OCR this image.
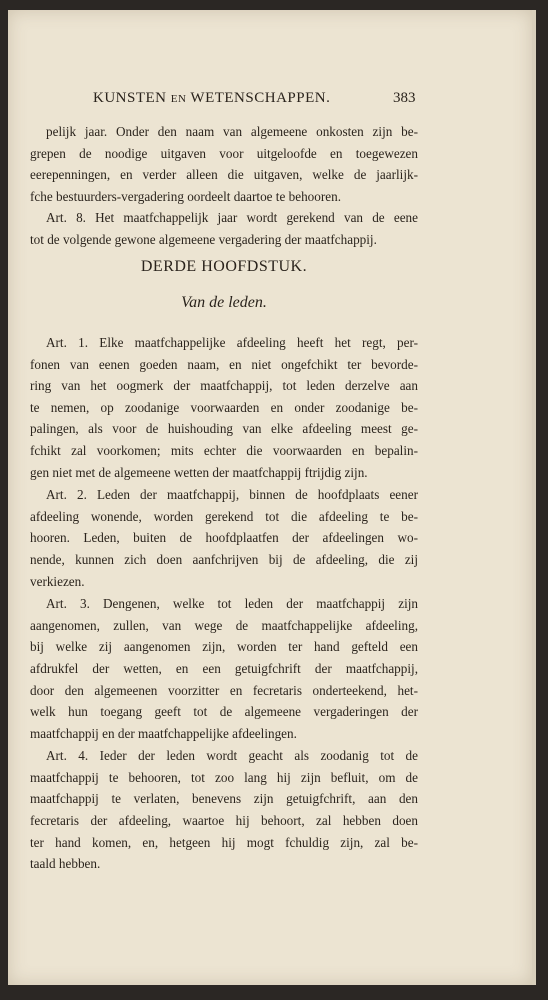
KUNSTEN EN WETENSCHAPPEN.	383
pelijk jaar. Onder den naam van algemeene onkosten zijn be-
grepen de noodige uitgaven voor uitgeloofde en toegewezen
eerepenningen, en verder alleen die uitgaven, welke de jaarlijk-
fche bestuurders-vergadering oordeelt daartoe te behooren.
Art. 8. Het maatfchappelijk jaar wordt gerekend van de eene
tot de volgende gewone algemeene vergadering der maatfchappij.
DERDE HOOFDSTUK.
Van de leden.
Art. 1. Elke maatfchappelijke afdeeling heeft het regt, per-
fonen van eenen goeden naam, en niet ongefchikt ter bevorde-
ring van het oogmerk der maatfchappij, tot leden derzelve aan
te nemen, op zoodanige voorwaarden en onder zoodanige be-
palingen, als voor de huishouding van elke afdeeling meest ge-
fchikt zal voorkomen; mits echter die voorwaarden en bepalin-
gen niet met de algemeene wetten der maatfchappij ftrijdig zijn.
Art. 2. Leden der maatfchappij, binnen de hoofdplaats eener
afdeeling wonende, worden gerekend tot die afdeeling te be-
hooren. Leden, buiten de hoofdplaatfen der afdeelingen wo-
nende, kunnen zich doen aanfchrijven bij de afdeeling, die zij
verkiezen.
Art. 3. Dengenen, welke tot leden der maatfchappij zijn
aangenomen, zullen, van wege de maatfchappelijke afdeeling,
bij welke zij aangenomen zijn, worden ter hand gefteld een
afdrukfel der wetten, en een getuigfchrift der maatfchappij,
door den algemeenen voorzitter en fecretaris onderteekend, het-
welk hun toegang geeft tot de algemeene vergaderingen der
maatfchappij en der maatfchappelijke afdeelingen.
Art. 4. Ieder der leden wordt geacht als zoodanig tot de
maatfchappij te behooren, tot zoo lang hij zijn befluit, om de
maatfchappij te verlaten, benevens zijn getuigfchrift, aan den
fecretaris der afdeeling, waartoe hij behoort, zal hebben doen
ter hand komen, en, hetgeen hij mogt fchuldig zijn, zal be-
taald hebben.
